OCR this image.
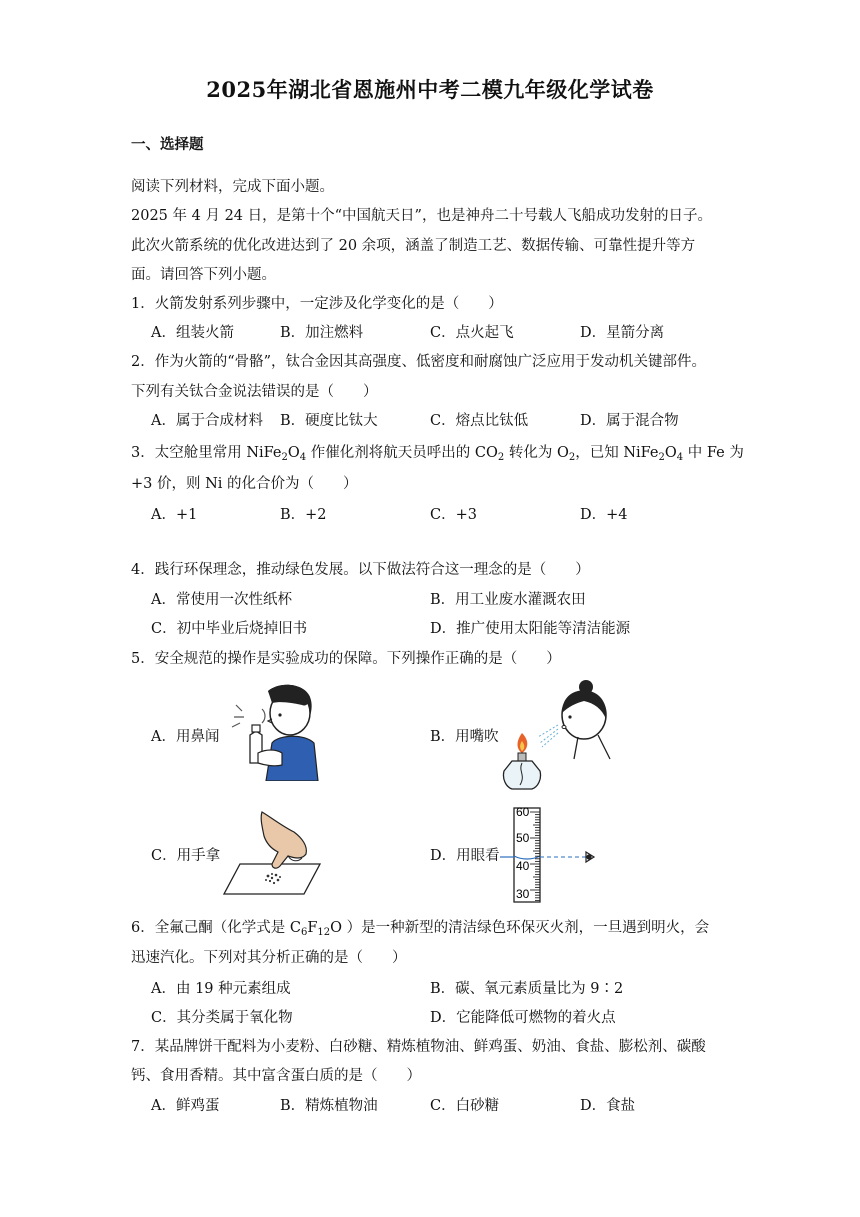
2025年湖北省恩施州中考二模九年级化学试卷
一、选择题
阅读下列材料，完成下面小题。
2025 年 4 月 24 日，是第十个“中国航天日”，也是神舟二十号载人飞船成功发射的日子。
此次火箭系统的优化改进达到了 20 余项，涵盖了制造工艺、数据传输、可靠性提升等方
面。请回答下列小题。
1．火箭发射系列步骤中，一定涉及化学变化的是（　　）
A．组装火箭	B．加注燃料	C．点火起飞	D．星箭分离
2．作为火箭的“骨骼”，钛合金因其高强度、低密度和耐腐蚀广泛应用于发动机关键部件。
下列有关钛合金说法错误的是（　　）
A．属于合成材料 B．硬度比钛大	C．熔点比钛低	D．属于混合物
3．太空舱里常用 $NiFe_2O_4$ 作催化剂将航天员呼出的 $CO_2$ 转化为 $O_2$，已知 $NiFe_2O_4$ 中 Fe 为
+3 价，则 Ni 的化合价为（　　）
A．+1	B．+2	C．+3	D．+4
4．践行环保理念，推动绿色发展。以下做法符合这一理念的是（　　）
A．常使用一次性纸杯	B．用工业废水灌溉农田
C．初中毕业后烧掉旧书	D．推广使用太阳能等清洁能源
5．安全规范的操作是实验成功的保障。下列操作正确的是（　　）
A．用鼻闻	B．用嘴吹
C．用手拿	D．用眼看
60
50
40
30
6．全氟己酮（化学式是 $C_6F_{12}O$ ）是一种新型的清洁绿色环保灭火剂，一旦遇到明火，会
迅速汽化。下列对其分析正确的是（　　）
A．由 19 种元素组成	B．碳、氧元素质量比为 9∶2
C．其分类属于氧化物	D．它能降低可燃物的着火点
7．某品牌饼干配料为小麦粉、白砂糖、精炼植物油、鲜鸡蛋、奶油、食盐、膨松剂、碳酸
钙、食用香精。其中富含蛋白质的是（　　）
A．鲜鸡蛋	B．精炼植物油	C．白砂糖	D．食盐
